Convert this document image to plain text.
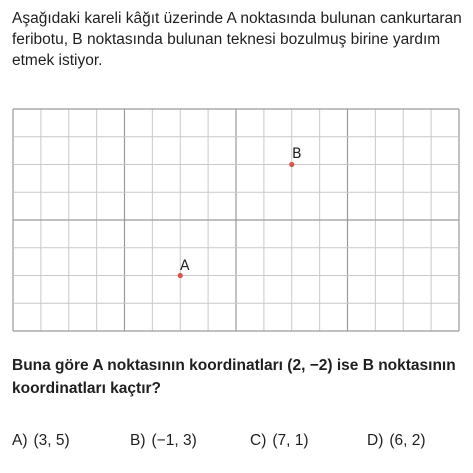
Aşağıdaki kareli kâğıt üzerinde A noktasında bulunan cankurtaran feribotu, B noktasında bulunan teknesi bozulmuş birine yardım etmek istiyor.

A
B

Buna göre A noktasının koordinatları (2, −2) ise B noktasının koordinatları kaçtır?

A) (3, 5)	B) (−1, 3)	C) (7, 1)	D) (6, 2)
